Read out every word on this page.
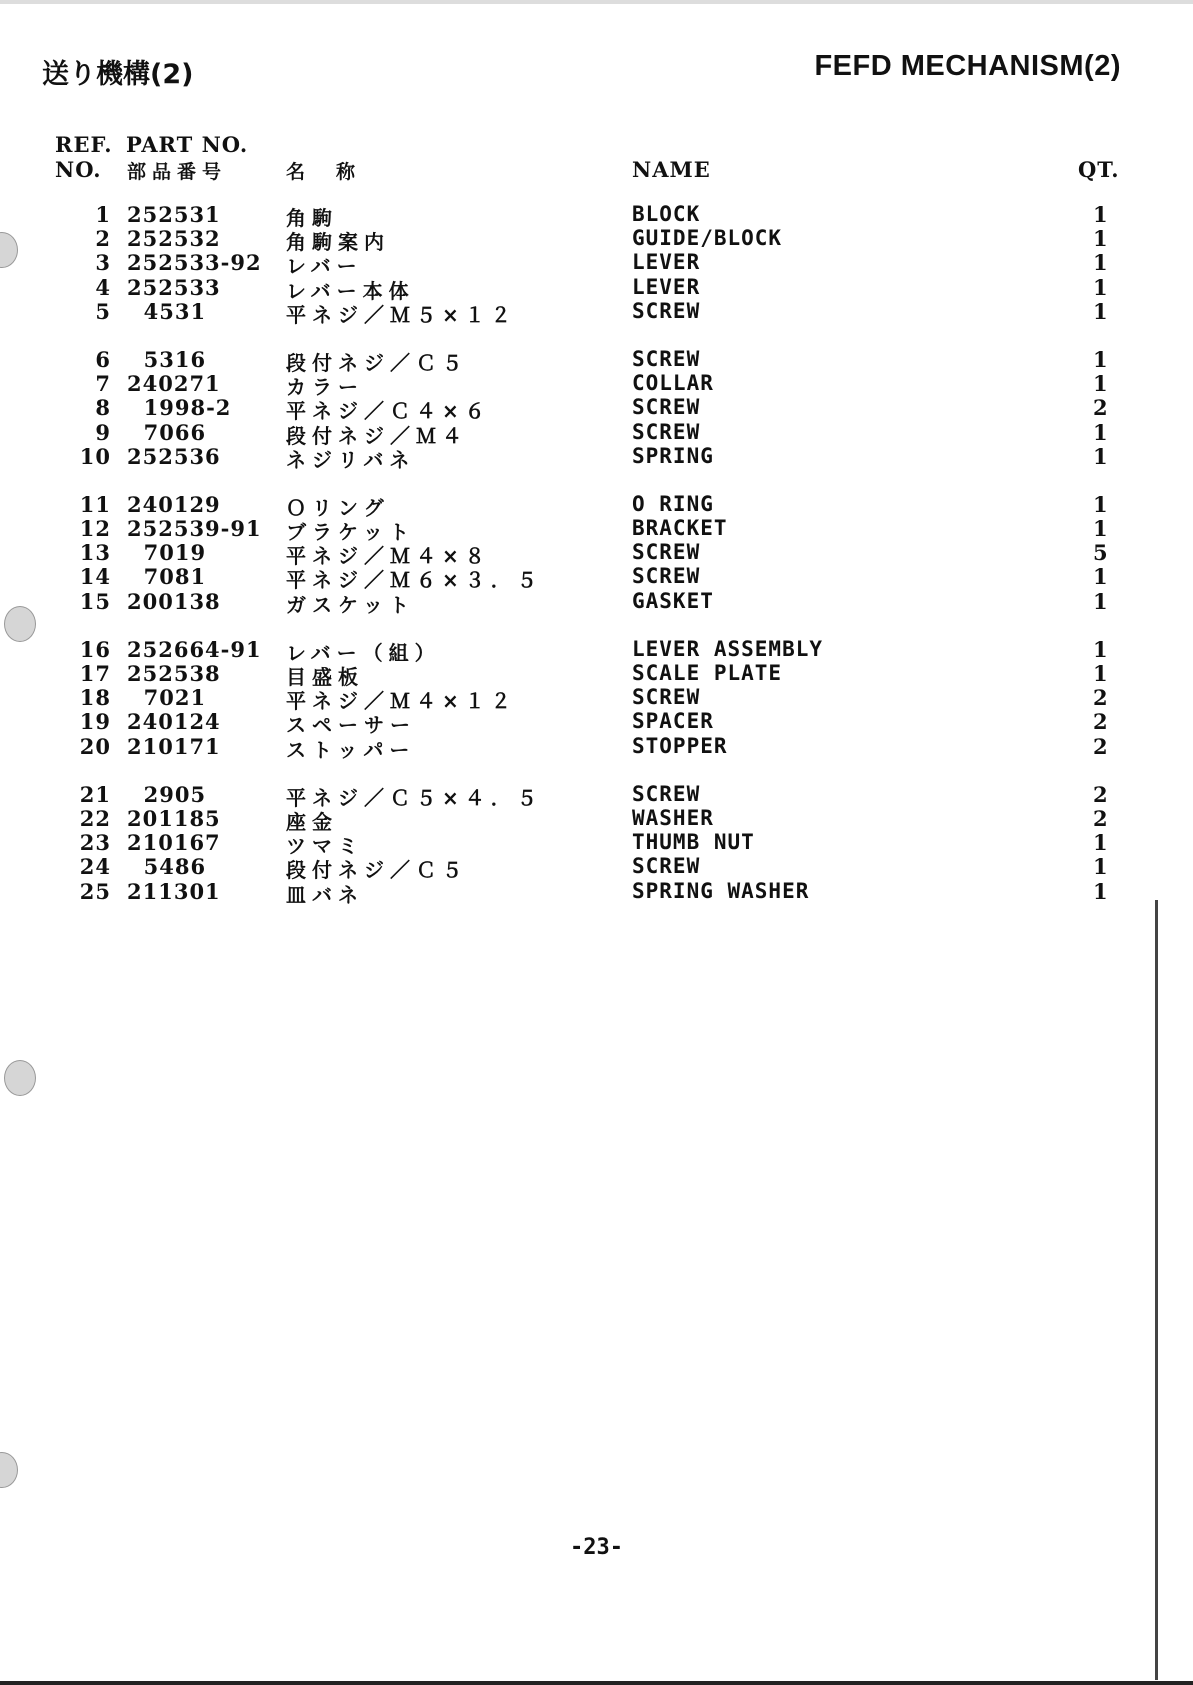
送り機構(2)	FEFD MECHANISM(2)
REF.
NO.
PART NO.
部品番号	名　称	NAME	QT.
1 252531	角駒	BLOCK	1
2 252532	角駒案内	GUIDE/BLOCK	1
3 252533-92 レバー	LEVER	1
4 252533	レバー本体	LEVER	1
5 4531	平ネジ／Ｍ５×１２	SCREW	1
6 5316	段付ネジ／Ｃ５	SCREW	1
7 240271	カラー	COLLAR	1
8 1998-2	平ネジ／Ｃ４×６	SCREW	2
9 7066	段付ネジ／Ｍ４	SCREW	1
10 252536	ネジリバネ	SPRING	1
11 240129	Ｏリング	O RING	1
12 252539-91 ブラケット	BRACKET	1
13 7019	平ネジ／Ｍ４×８	SCREW	5
14 7081	平ネジ／Ｍ６×３．５	SCREW	1
15 200138	ガスケット	GASKET	1
16 252664-91 レバー（組）	LEVER ASSEMBLY	1
17 252538	目盛板	SCALE PLATE	1
18 7021	平ネジ／Ｍ４×１２	SCREW	2
19 240124	スペーサー	SPACER	2
20 210171	ストッパー	STOPPER	2
21 2905	平ネジ／Ｃ５×４．５	SCREW	2
22 201185	座金	WASHER	2
23 210167	ツマミ	THUMB NUT	1
24 5486	段付ネジ／Ｃ５	SCREW	1
25 211301	皿バネ	SPRING WASHER	1
-23-
